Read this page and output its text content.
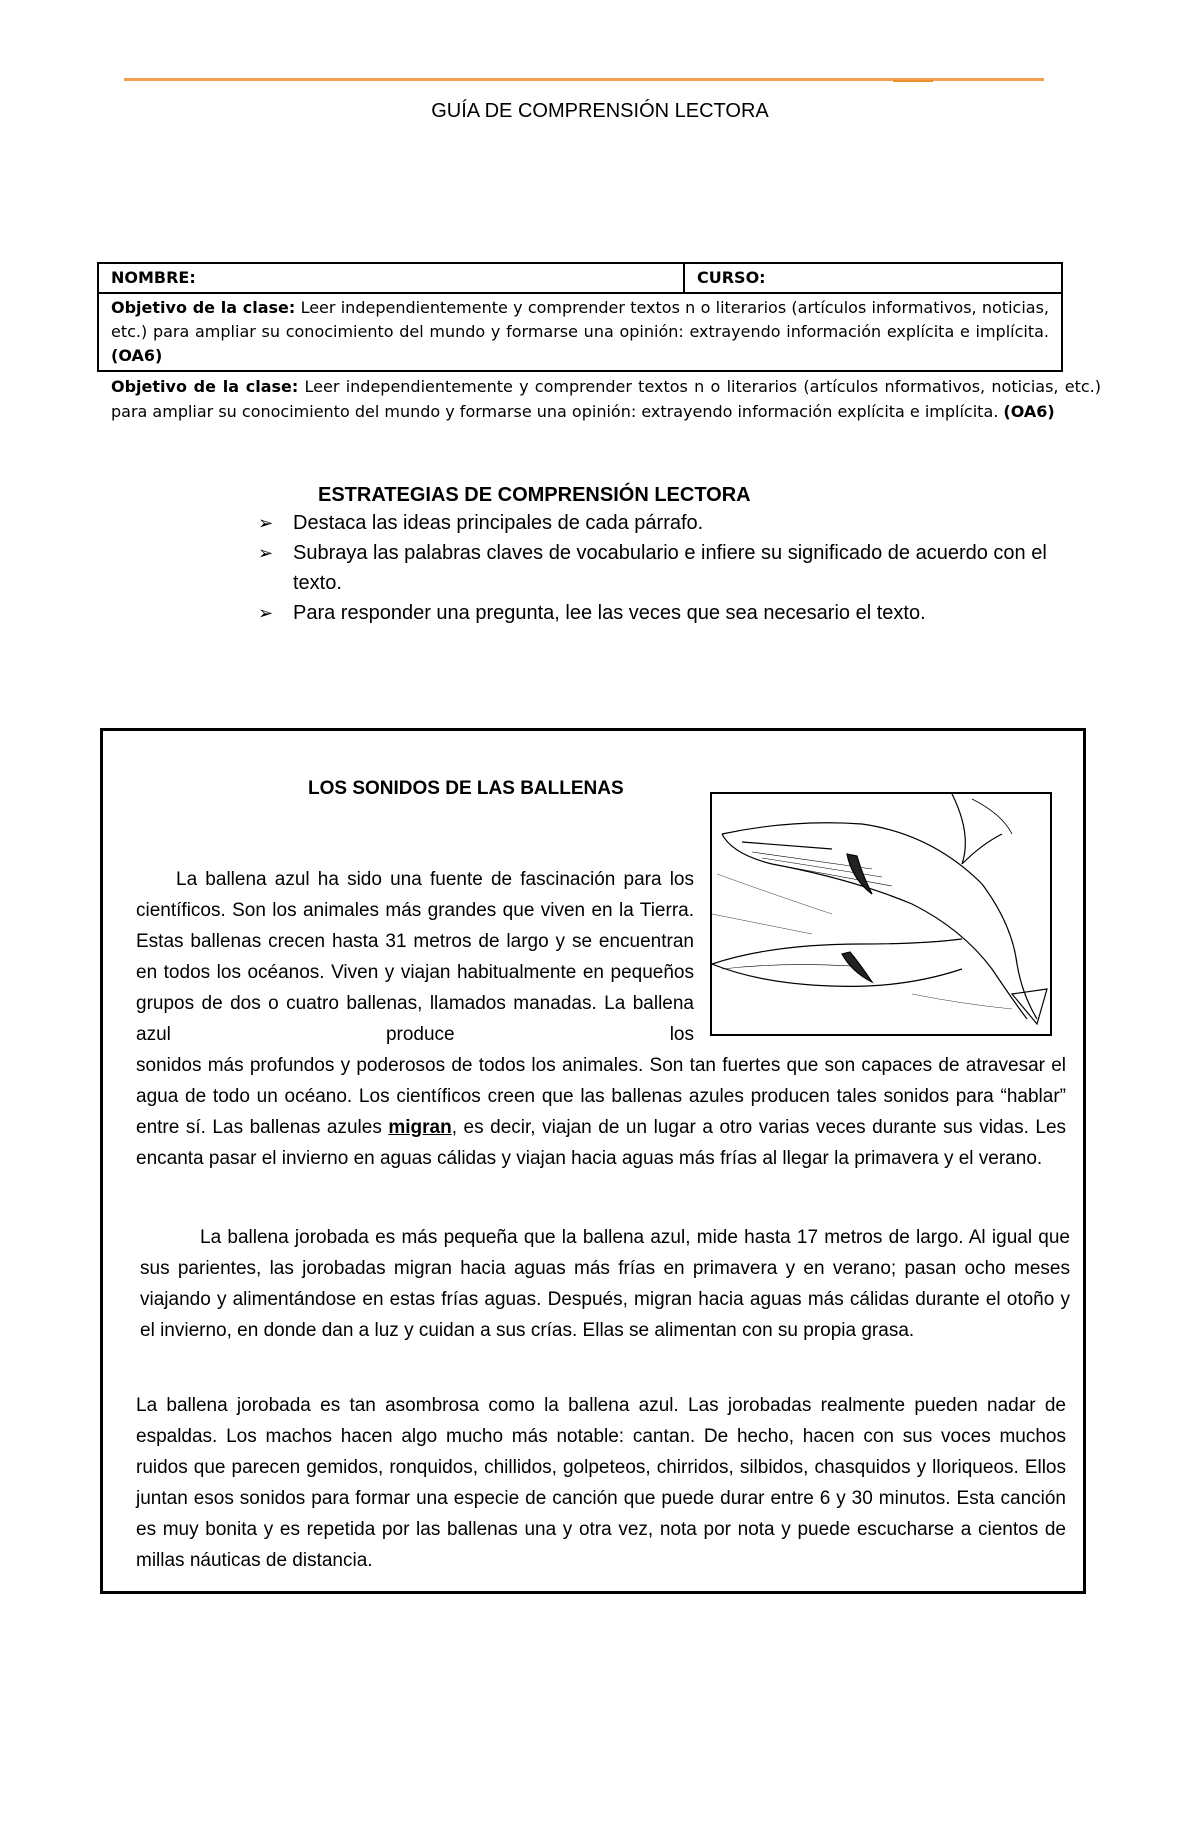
GUÍA DE COMPRENSIÓN LECTORA
NOMBRE:	CURSO:
Objetivo de la clase: Leer independientemente y comprender textos n o literarios (artículos informativos, noticias, etc.) para ampliar su conocimiento del mundo y formarse una opinión: extrayendo información explícita e implícita. (OA6)
Objetivo de la clase: Leer independientemente y comprender textos n o literarios (artículos nformativos, noticias, etc.) para ampliar su conocimiento del mundo y formarse una opinión: extrayendo información explícita e implícita. (OA6)
ESTRATEGIAS DE COMPRENSIÓN LECTORA
➢ Destaca las ideas principales de cada párrafo.
➢ Subraya las palabras claves de vocabulario e infiere su significado de acuerdo con el texto.
➢ Para responder una pregunta, lee las veces que sea necesario el texto.
LOS SONIDOS DE LAS BALLENAS
La ballena azul ha sido una fuente de fascinación para los científicos. Son los animales más grandes que viven en la Tierra. Estas ballenas crecen hasta 31 metros de largo y se encuentran en todos los océanos. Viven y viajan habitualmente en pequeños grupos de dos o cuatro ballenas, llamados manadas. La ballena azul produce los
sonidos más profundos y poderosos de todos los animales. Son tan fuertes que son capaces de atravesar el agua de todo un océano. Los científicos creen que las ballenas azules producen tales sonidos para “hablar” entre sí. Las ballenas azules migran, es decir, viajan de un lugar a otro varias veces durante sus vidas. Les encanta pasar el invierno en aguas cálidas y viajan hacia aguas más frías al llegar la primavera y el verano.
La ballena jorobada es más pequeña que la ballena azul, mide hasta 17 metros de largo. Al igual que sus parientes, las jorobadas migran hacia aguas más frías en primavera y en verano; pasan ocho meses viajando y alimentándose en estas frías aguas. Después, migran hacia aguas más cálidas durante el otoño y el invierno, en donde dan a luz y cuidan a sus crías. Ellas se alimentan con su propia grasa.
La ballena jorobada es tan asombrosa como la ballena azul. Las jorobadas realmente pueden nadar de espaldas. Los machos hacen algo mucho más notable: cantan. De hecho, hacen con sus voces muchos ruidos que parecen gemidos, ronquidos, chillidos, golpeteos, chirridos, silbidos, chasquidos y lloriqueos. Ellos juntan esos sonidos para formar una especie de canción que puede durar entre 6 y 30 minutos. Esta canción es muy bonita y es repetida por las ballenas una y otra vez, nota por nota y puede escucharse a cientos de millas náuticas de distancia.
